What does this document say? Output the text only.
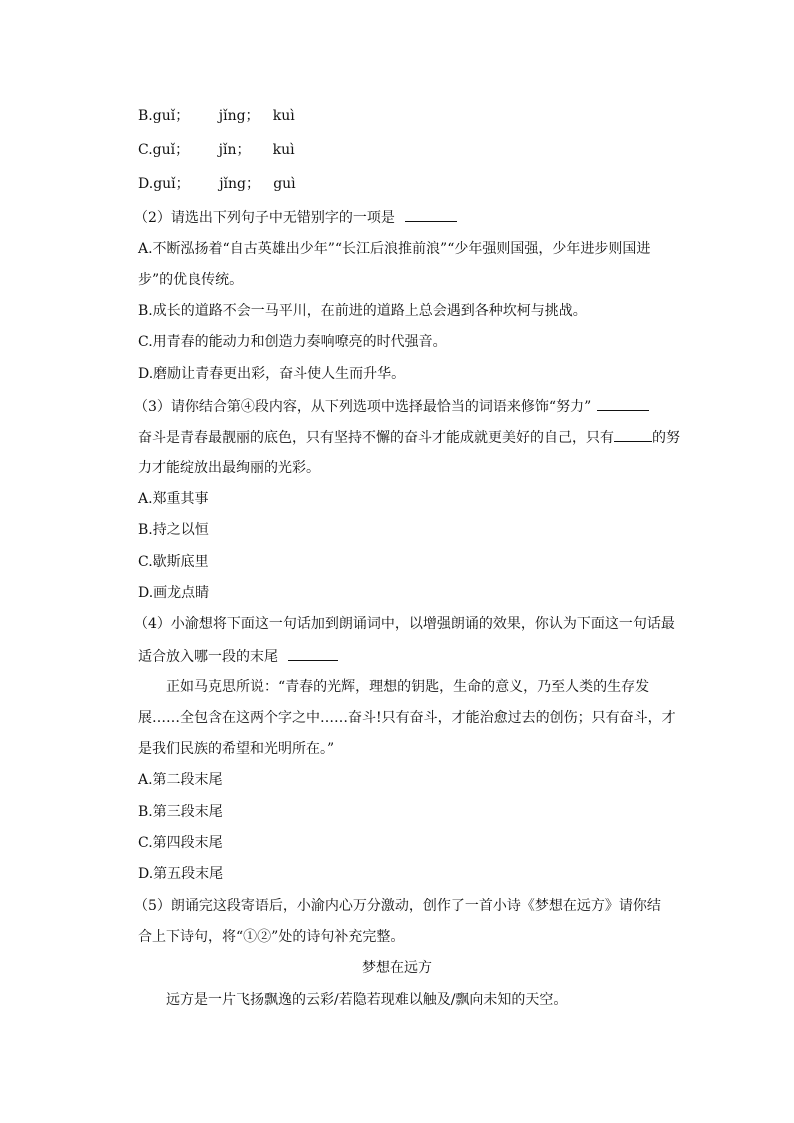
B.guǐ； jǐng； kuì
C.guǐ； jǐn； kuì
D.guǐ； jǐng； guì
（2）请选出下列句子中无错别字的一项是
A.不断泓扬着“自古英雄出少年”“长江后浪推前浪”“少年强则国强，少年进步则国进
步”的优良传统。
B.成长的道路不会一马平川，在前进的道路上总会遇到各种坎柯与挑战。
C.用青春的能动力和创造力奏响嘹亮的时代强音。
D.磨励让青春更出彩，奋斗使人生而升华。
（3）请你结合第④段内容，从下列选项中选择最恰当的词语来修饰“努力”
奋斗是青春最靓丽的底色，只有坚持不懈的奋斗才能成就更美好的自己，只有	的努
力才能绽放出最绚丽的光彩。
A.郑重其事
B.持之以恒
C.歇斯底里
D.画龙点睛
（4）小渝想将下面这一句话加到朗诵词中，以增强朗诵的效果，你认为下面这一句话最
适合放入哪一段的末尾
正如马克思所说：“青春的光辉，理想的钥匙，生命的意义，乃至人类的生存发
展……全包含在这两个字之中……奋斗!只有奋斗，才能治愈过去的创伤；只有奋斗，才
是我们民族的希望和光明所在。”
A.第二段末尾
B.第三段末尾
C.第四段末尾
D.第五段末尾
（5）朗诵完这段寄语后，小渝内心万分激动，创作了一首小诗《梦想在远方》请你结
合上下诗句，将“①②”处的诗句补充完整。
梦想在远方
远方是一片飞扬飘逸的云彩/若隐若现难以触及/飘向未知的天空。
